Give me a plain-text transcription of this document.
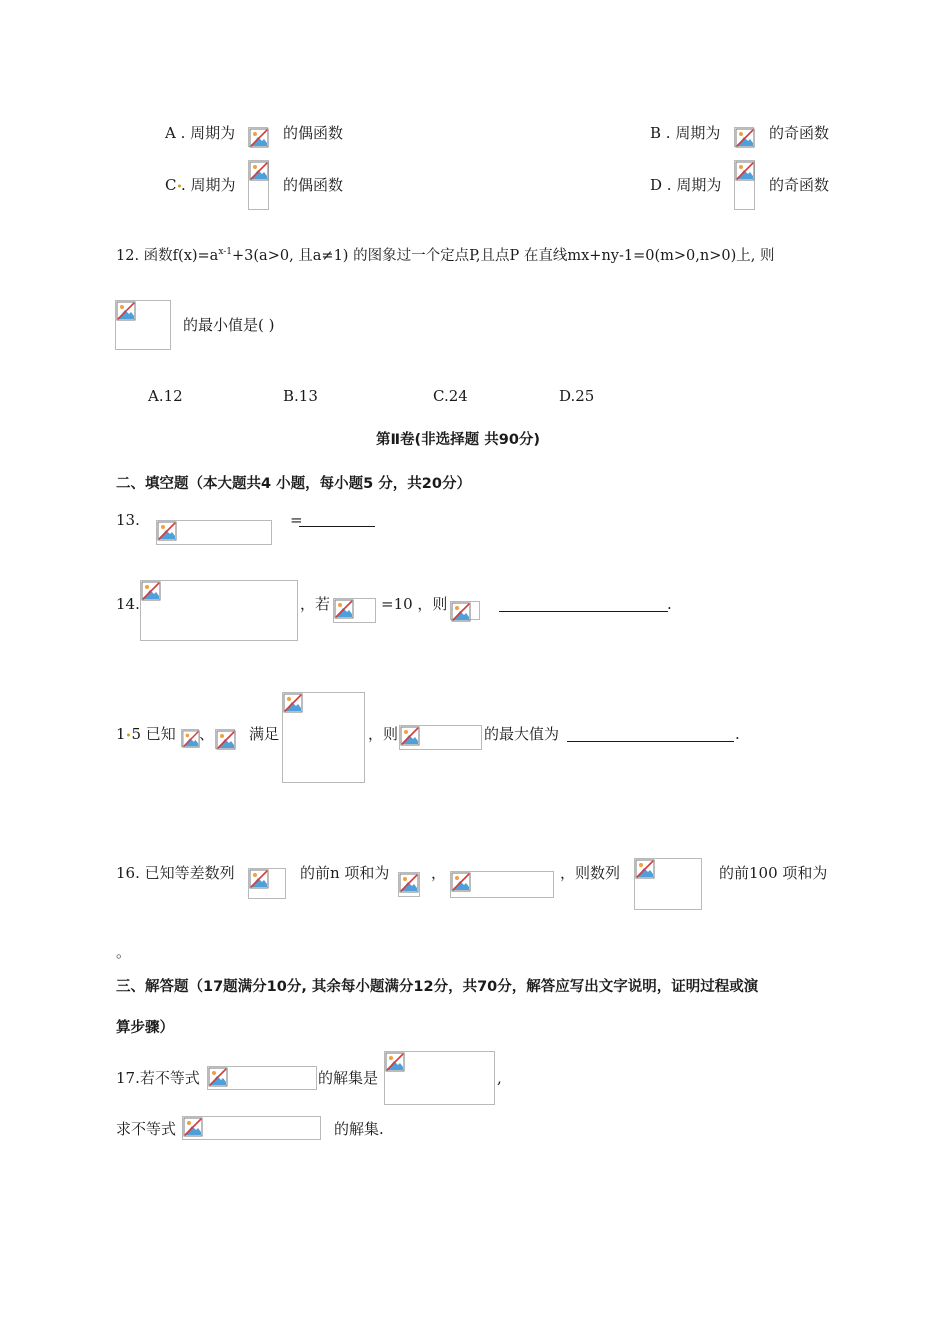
A . 周期为	的偶函数	B . 周期为	的奇函数
C•
. 周期为	的偶函数	D . 周期为	的奇函数
12. 函数$f(x)=a^{x-1}+3(a>0$, 且a≠1) 的图象过一个定点P,且点P 在直线mx+ny-1=0(m>0,n>0)上, 则
的最小值是( )
A.12	B.13	C.24	D.25
第Ⅱ卷(非选择题 共90分)
二、填空题（本大题共4 小题，每小题5 分，共20分）
13.	=
14.	，若	=10 ，则	.
1•5 已知 、 满足	，则	的最大值为	.
16. 已知等差数列	的前n 项和为	，	，则数列	的前100 项和为
。
三、解答题（17题满分10分, 其余每小题满分12分，共70分，解答应写出文字说明，证明过程或演
算步骤）
17.若不等式	的解集是	,
求不等式	的解集.
